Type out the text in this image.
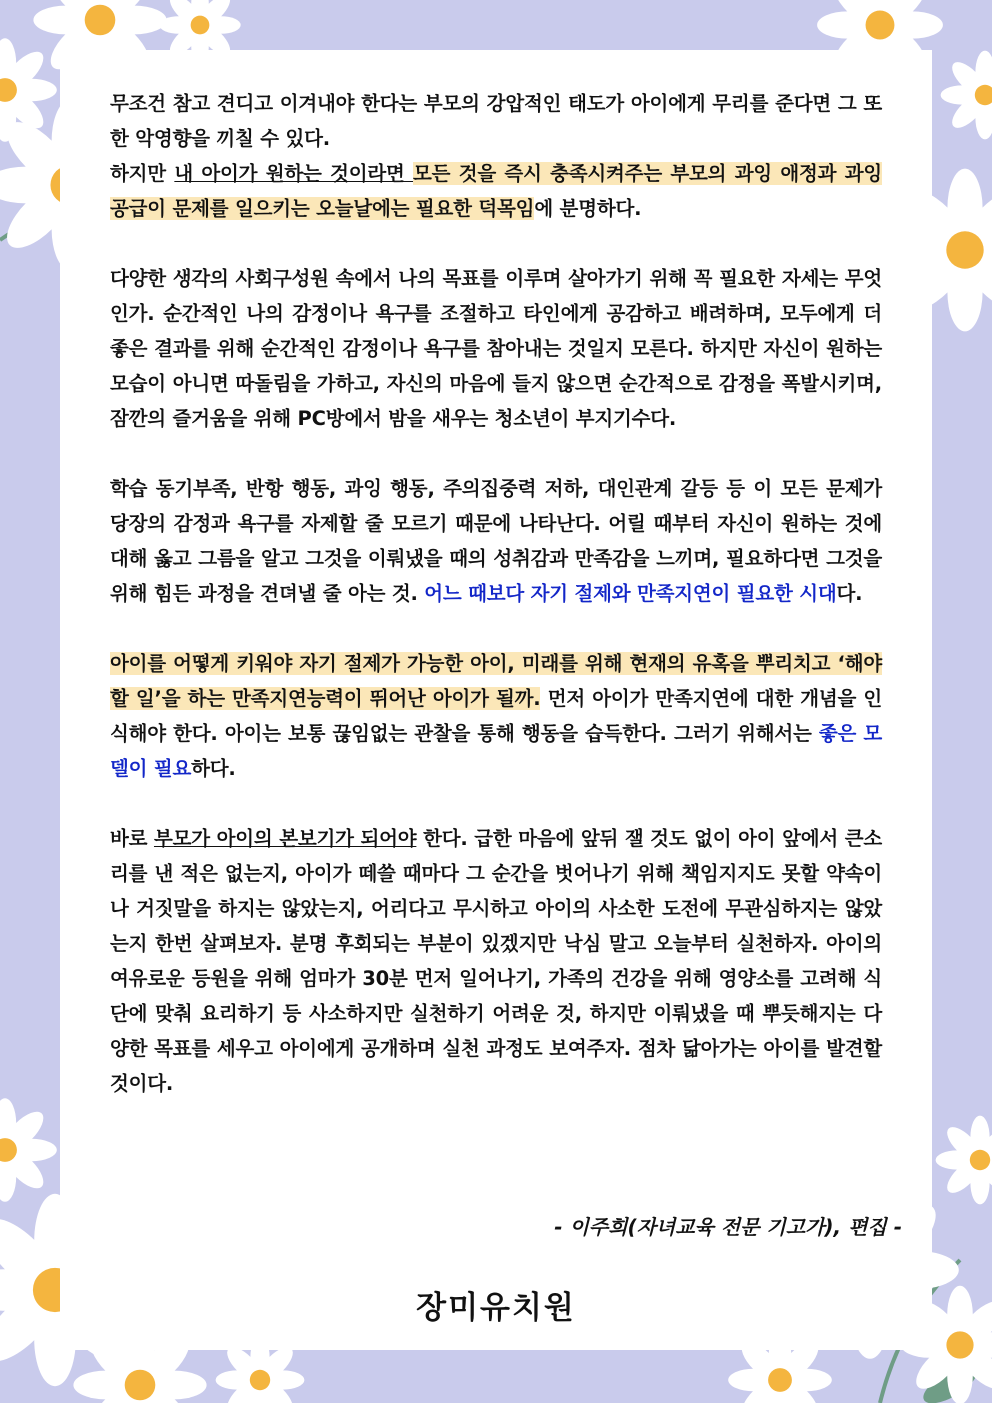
무조건 참고 견디고 이겨내야 한다는 부모의 강압적인 태도가 아이에게 무리를 준다면 그 또한 악영향을 끼칠 수 있다.
하지만 내 아이가 원하는 것이라면 모든 것을 즉시 충족시켜주는 부모의 과잉 애정과 과잉 공급이 문제를 일으키는 오늘날에는 필요한 덕목임에 분명하다.

다양한 생각의 사회구성원 속에서 나의 목표를 이루며 살아가기 위해 꼭 필요한 자세는 무엇인가. 순간적인 나의 감정이나 욕구를 조절하고 타인에게 공감하고 배려하며, 모두에게 더 좋은 결과를 위해 순간적인 감정이나 욕구를 참아내는 것일지 모른다. 하지만 자신이 원하는 모습이 아니면 따돌림을 가하고, 자신의 마음에 들지 않으면 순간적으로 감정을 폭발시키며, 잠깐의 즐거움을 위해 PC방에서 밤을 새우는 청소년이 부지기수다.

학습 동기부족, 반항 행동, 과잉 행동, 주의집중력 저하, 대인관계 갈등 등 이 모든 문제가 당장의 감정과 욕구를 자제할 줄 모르기 때문에 나타난다. 어릴 때부터 자신이 원하는 것에 대해 옳고 그름을 알고 그것을 이뤄냈을 때의 성취감과 만족감을 느끼며, 필요하다면 그것을 위해 힘든 과정을 견뎌낼 줄 아는 것. 어느 때보다 자기 절제와 만족지연이 필요한 시대다.

아이를 어떻게 키워야 자기 절제가 가능한 아이, 미래를 위해 현재의 유혹을 뿌리치고 ‘해야 할 일’을 하는 만족지연능력이 뛰어난 아이가 될까. 먼저 아이가 만족지연에 대한 개념을 인식해야 한다. 아이는 보통 끊임없는 관찰을 통해 행동을 습득한다. 그러기 위해서는 좋은 모델이 필요하다.

바로 부모가 아이의 본보기가 되어야 한다. 급한 마음에 앞뒤 잴 것도 없이 아이 앞에서 큰소리를 낸 적은 없는지, 아이가 떼쓸 때마다 그 순간을 벗어나기 위해 책임지지도 못할 약속이나 거짓말을 하지는 않았는지, 어리다고 무시하고 아이의 사소한 도전에 무관심하지는 않았는지 한번 살펴보자. 분명 후회되는 부분이 있겠지만 낙심 말고 오늘부터 실천하자. 아이의 여유로운 등원을 위해 엄마가 30분 먼저 일어나기, 가족의 건강을 위해 영양소를 고려해 식단에 맞춰 요리하기 등 사소하지만 실천하기 어려운 것, 하지만 이뤄냈을 때 뿌듯해지는 다양한 목표를 세우고 아이에게 공개하며 실천 과정도 보여주자. 점차 닮아가는 아이를 발견할 것이다.

- 이주희(자녀교육 전문 기고가), 편집 -
장미유치원
